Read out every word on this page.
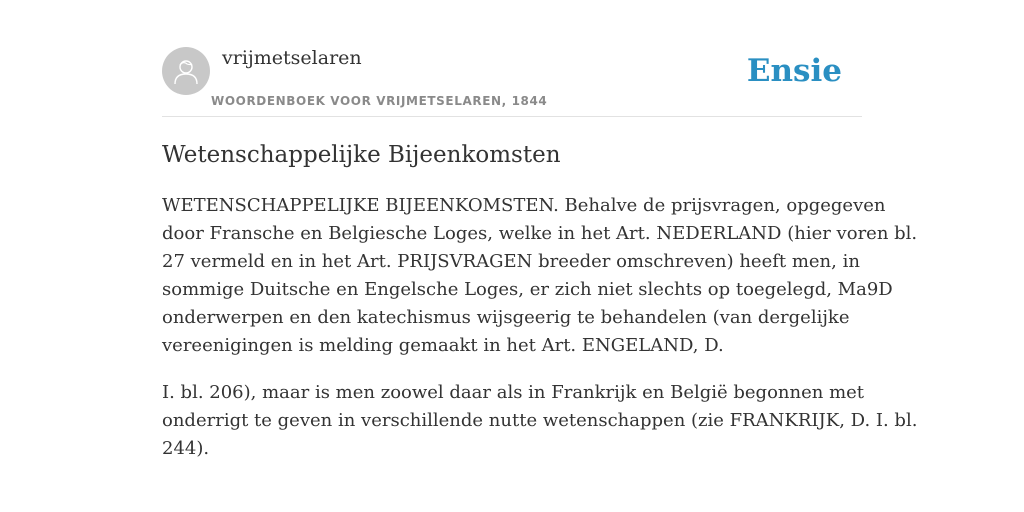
vrijmetselaren
WOORDENBOEK VOOR VRIJMETSELAREN, 1844
Ensie
Wetenschappelijke Bijeenkomsten

WETENSCHAPPELIJKE BIJEENKOMSTEN. Behalve de prijsvragen, opgegeven
door Fransche en Belgiesche Loges, welke in het Art. NEDERLAND (hier voren bl.
27 vermeld en in het Art. PRIJSVRAGEN breeder omschreven) heeft men, in
sommige Duitsche en Engelsche Loges, er zich niet slechts op toegelegd, Ma9D
onderwerpen en den katechismus wijsgeerig te behandelen (van dergelijke
vereenigingen is melding gemaakt in het Art. ENGELAND, D.

I. bl. 206), maar is men zoowel daar als in Frankrijk en België begonnen met
onderrigt te geven in verschillende nutte wetenschappen (zie FRANKRIJK, D. I. bl.
244).
